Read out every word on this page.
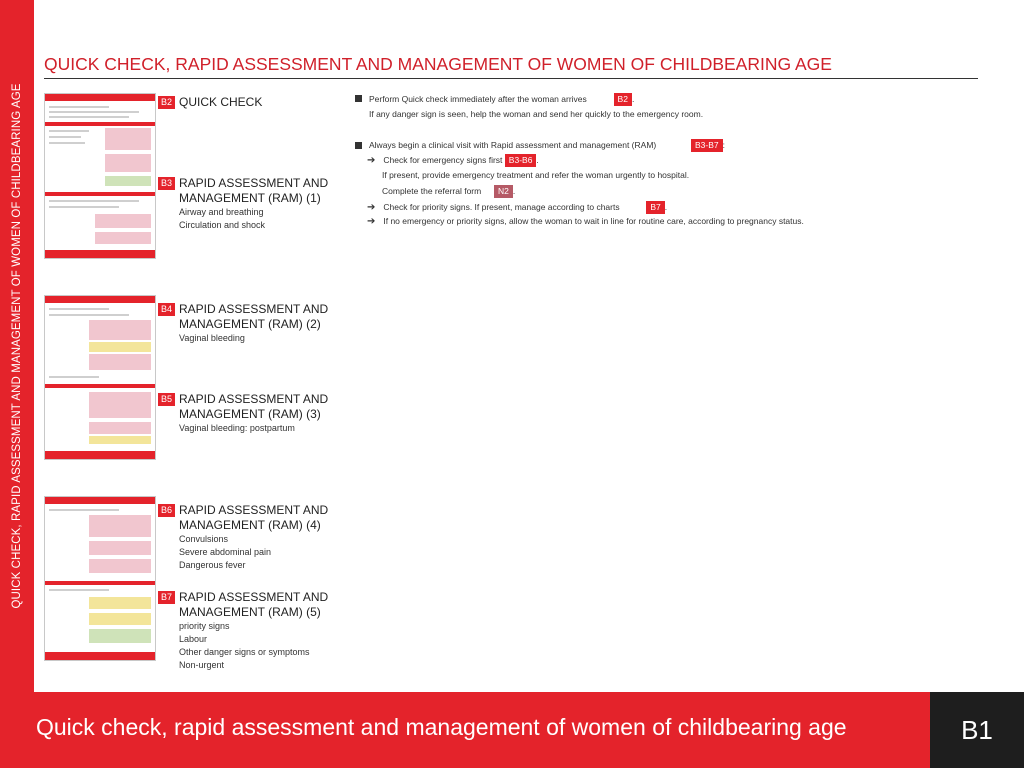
QUICK CHECK, RAPID ASSESSMENT AND MANAGEMENT OF WOMEN OF CHILDBEARING AGE
QUICK CHECK, RAPID ASSESSMENT AND MANAGEMENT OF WOMEN OF CHILDBEARING AGE
B2 QUICK CHECK
B3 RAPID ASSESSMENT AND MANAGEMENT (RAM) (1)
Airway and breathing
Circulation and shock
B4 RAPID ASSESSMENT AND MANAGEMENT (RAM) (2)
Vaginal bleeding
B5 RAPID ASSESSMENT AND MANAGEMENT (RAM) (3)
Vaginal bleeding: postpartum
B6 RAPID ASSESSMENT AND MANAGEMENT (RAM) (4)
Convulsions
Severe abdominal pain
Dangerous fever
B7 RAPID ASSESSMENT AND MANAGEMENT (RAM) (5)
priority signs
Labour
Other danger signs or symptoms
Non-urgent
Perform Quick check immediately after the woman arrives	B2 .
If any danger sign is seen, help the woman and send her quickly to the emergency room.
Always begin a clinical visit with Rapid assessment and management (RAM)	B3-B7 :
➔ Check for emergency signs first B3-B6 .
If present, provide emergency treatment and refer the woman urgently to hospital.
Complete the referral form N2 .
➔ Check for priority signs. If present, manage according to charts	B7 .
➔ If no emergency or priority signs, allow the woman to wait in line for routine care, according to pregnancy status.
Quick check, rapid assessment and management of women of childbearing age	B1
